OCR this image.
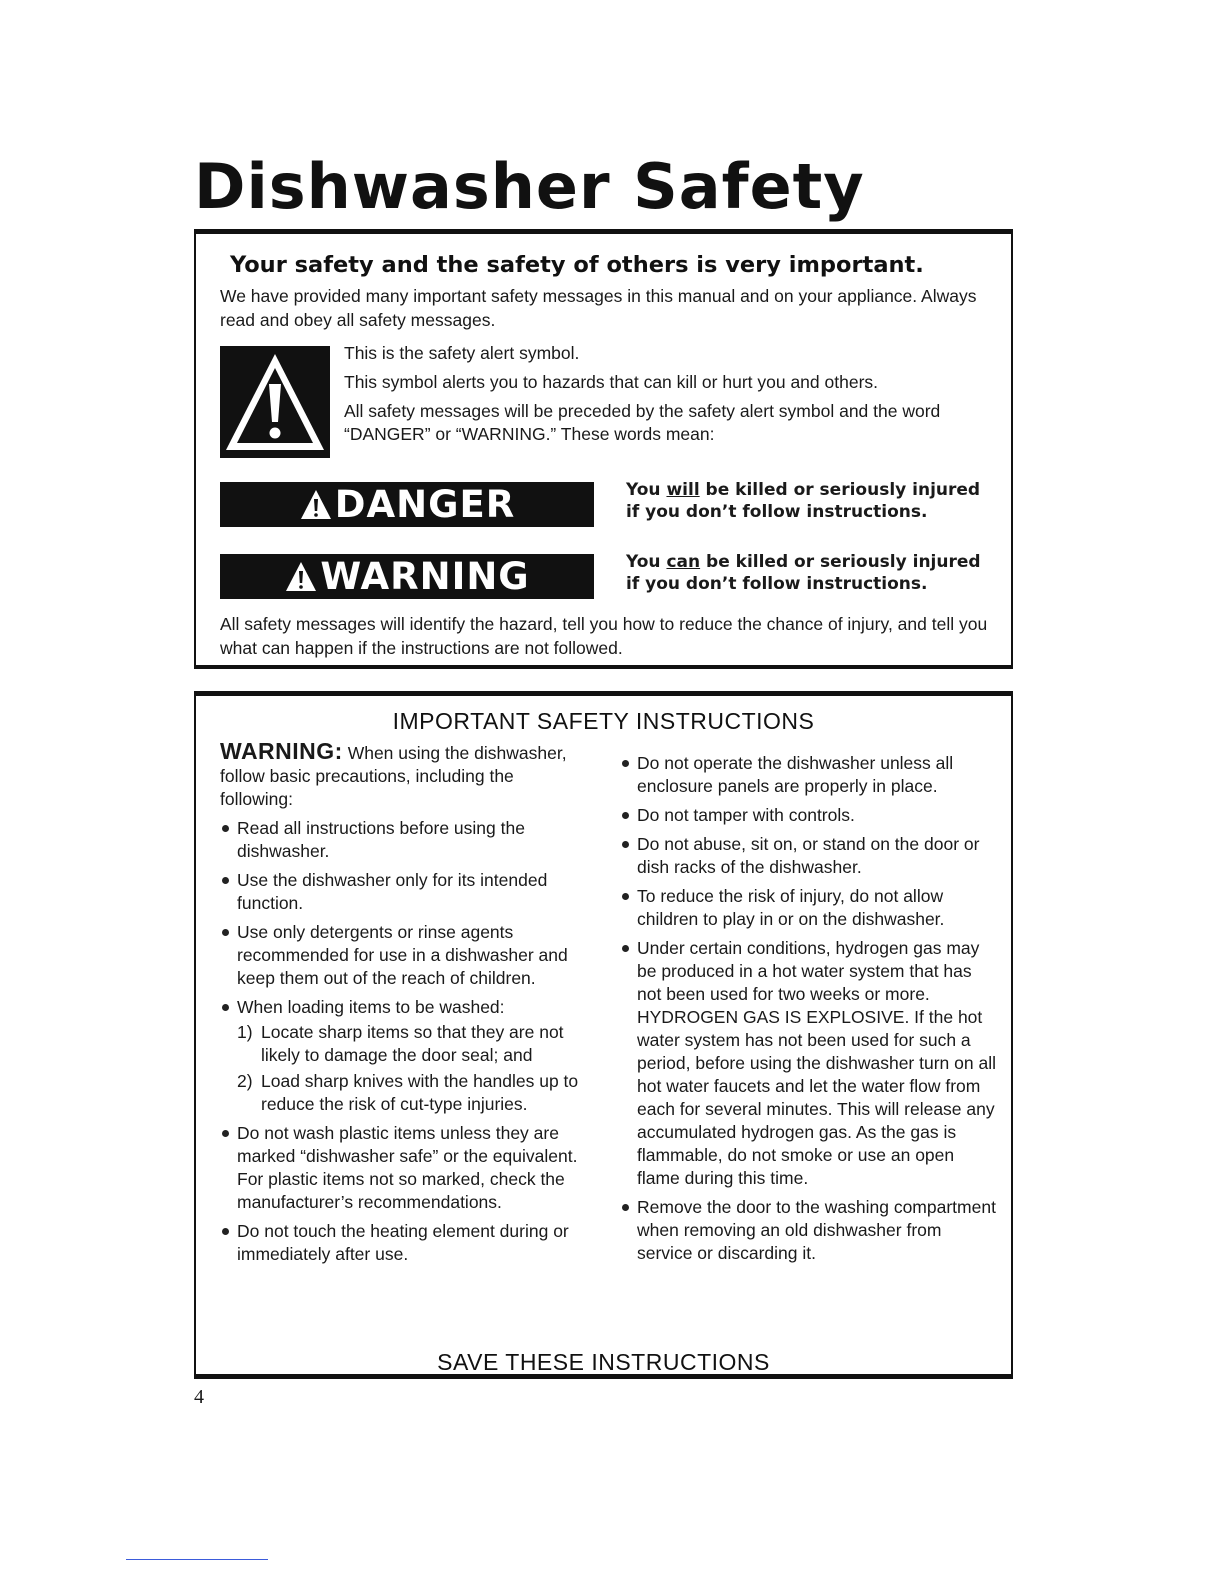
Dishwasher Safety
Your safety and the safety of others is very important.

We have provided many important safety messages in this manual and on your appliance. Always read and obey all safety messages.

This is the safety alert symbol.

This symbol alerts you to hazards that can kill or hurt you and others.

All safety messages will be preceded by the safety alert symbol and the word “DANGER” or “WARNING.” These words mean:

DANGER	You will be killed or seriously injured if you don’t follow instructions.

WARNING	You can be killed or seriously injured if you don’t follow instructions.

All safety messages will identify the hazard, tell you how to reduce the chance of injury, and tell you what can happen if the instructions are not followed.

IMPORTANT SAFETY INSTRUCTIONS

WARNING: When using the dishwasher, follow basic precautions, including the following:

Read all instructions before using the dishwasher.
Use the dishwasher only for its intended function.
Use only detergents or rinse agents recommended for use in a dishwasher and keep them out of the reach of children.
When loading items to be washed:
1) Locate sharp items so that they are not likely to damage the door seal; and
2) Load sharp knives with the handles up to reduce the risk of cut-type injuries.
Do not wash plastic items unless they are marked “dishwasher safe” or the equivalent. For plastic items not so marked, check the manufacturer’s recommendations.
Do not touch the heating element during or immediately after use.
Do not operate the dishwasher unless all enclosure panels are properly in place.
Do not tamper with controls.
Do not abuse, sit on, or stand on the door or dish racks of the dishwasher.
To reduce the risk of injury, do not allow children to play in or on the dishwasher.
Under certain conditions, hydrogen gas may be produced in a hot water system that has not been used for two weeks or more. HYDROGEN GAS IS EXPLOSIVE. If the hot water system has not been used for such a period, before using the dishwasher turn on all hot water faucets and let the water flow from each for several minutes. This will release any accumulated hydrogen gas. As the gas is flammable, do not smoke or use an open flame during this time.
Remove the door to the washing compartment when removing an old dishwasher from service or discarding it.

SAVE THESE INSTRUCTIONS

4
